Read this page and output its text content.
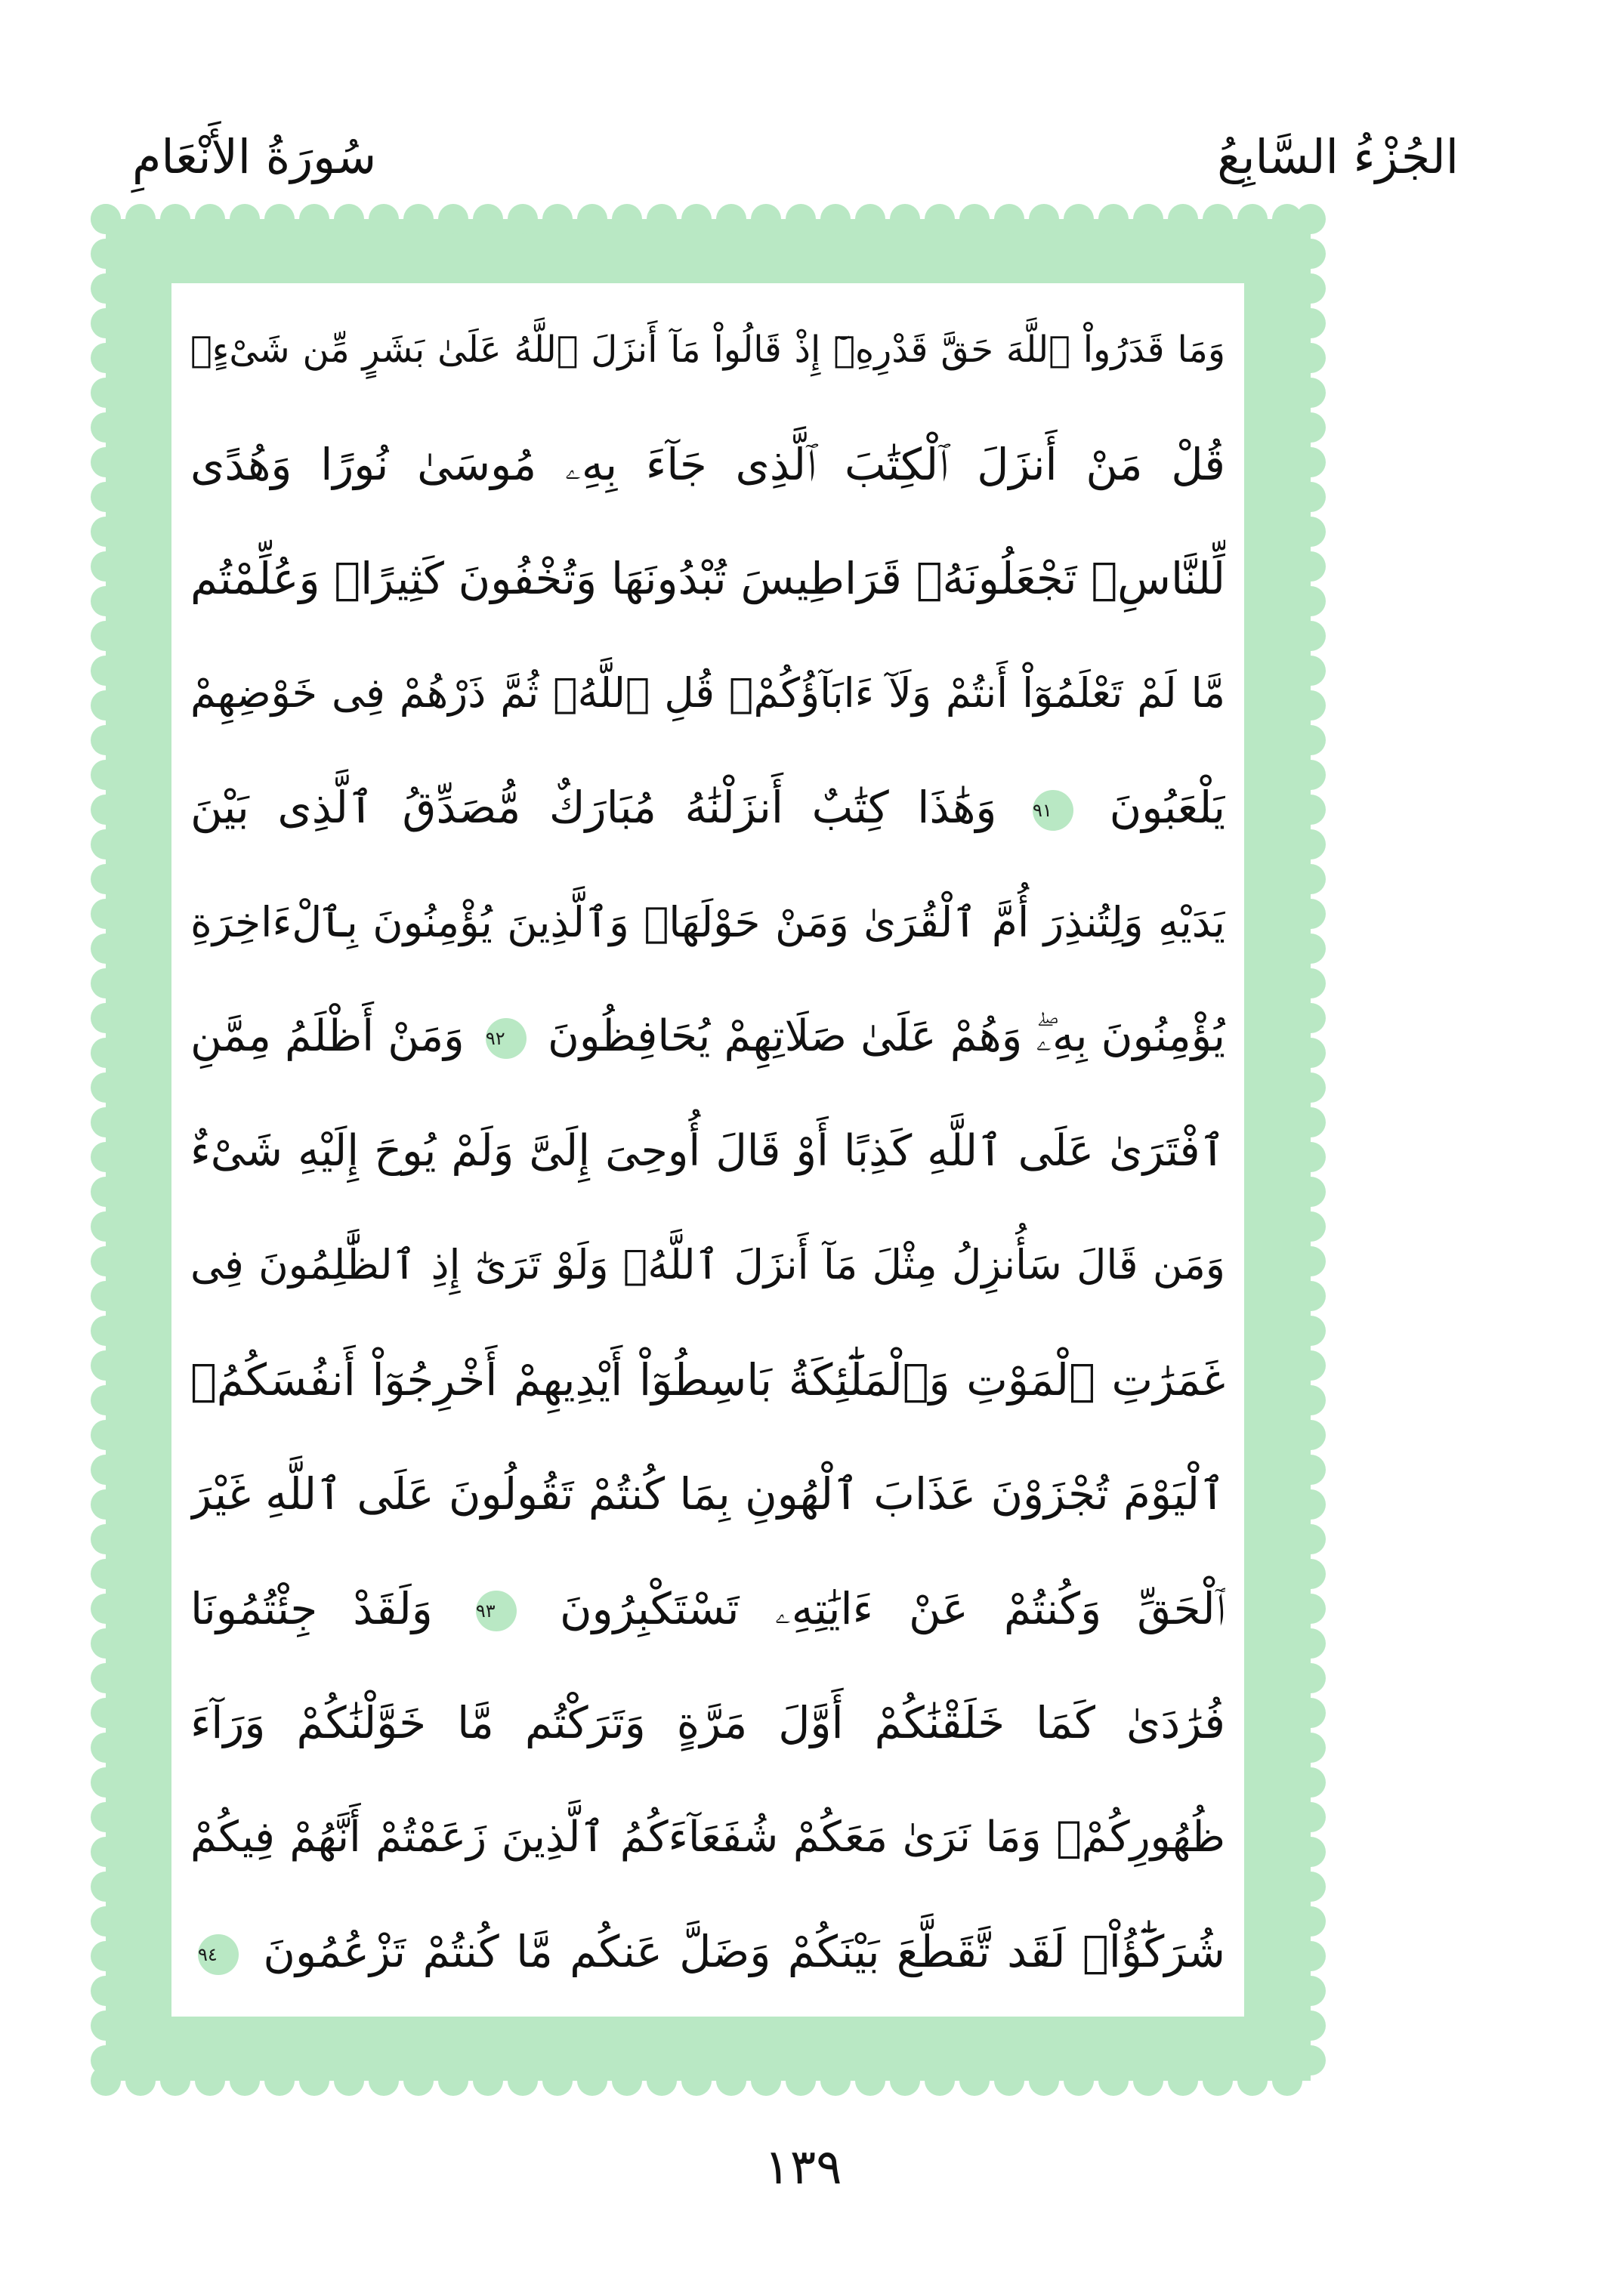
الجُزْءُ السَّابِعُ
سُورَةُ الأَنْعَامِ
وَمَا قَدَرُواْ ٱللَّهَ حَقَّ قَدْرِهِۦٓ إِذْ قَالُواْ مَآ أَنزَلَ ٱللَّهُ عَلَىٰ بَشَرٍ مِّن شَىْءٍۗ
قُلْ مَنْ أَنزَلَ ٱلْكِتَٰبَ ٱلَّذِى جَآءَ بِهِۦ مُوسَىٰ نُورًا وَهُدًى
لِّلنَّاسِۖ تَجْعَلُونَهُۥ قَرَاطِيسَ تُبْدُونَهَا وَتُخْفُونَ كَثِيرًاۖ وَعُلِّمْتُم
مَّا لَمْ تَعْلَمُوٓاْ أَنتُمْ وَلَآ ءَابَآؤُكُمْۖ قُلِ ٱللَّهُۖ ثُمَّ ذَرْهُمْ فِى خَوْضِهِمْ
يَلْعَبُونَ
٩١
وَهَٰذَا كِتَٰبٌ أَنزَلْنَٰهُ مُبَارَكٌ مُّصَدِّقُ ٱلَّذِى بَيْنَ
يَدَيْهِ وَلِتُنذِرَ أُمَّ ٱلْقُرَىٰ وَمَنْ حَوْلَهَاۚ وَٱلَّذِينَ يُؤْمِنُونَ بِٱلْءَاخِرَةِ
يُؤْمِنُونَ بِهِۦۖ وَهُمْ عَلَىٰ صَلَاتِهِمْ يُحَافِظُونَ
٩٢
وَمَنْ أَظْلَمُ مِمَّنِ
ٱفْتَرَىٰ عَلَى ٱللَّهِ كَذِبًا أَوْ قَالَ أُوحِىَ إِلَىَّ وَلَمْ يُوحَ إِلَيْهِ شَىْءٌ
وَمَن قَالَ سَأُنزِلُ مِثْلَ مَآ أَنزَلَ ٱللَّهُۗ وَلَوْ تَرَىٰٓ إِذِ ٱلظَّٰلِمُونَ فِى
غَمَرَٰتِ ٱلْمَوْتِ وَٱلْمَلَٰٓئِكَةُ بَاسِطُوٓاْ أَيْدِيهِمْ أَخْرِجُوٓاْ أَنفُسَكُمُۖ
ٱلْيَوْمَ تُجْزَوْنَ عَذَابَ ٱلْهُونِ بِمَا كُنتُمْ تَقُولُونَ عَلَى ٱللَّهِ غَيْرَ
ٱلْحَقِّ وَكُنتُمْ عَنْ ءَايَٰتِهِۦ تَسْتَكْبِرُونَ
٩٣
وَلَقَدْ جِئْتُمُونَا
فُرَٰدَىٰ كَمَا خَلَقْنَٰكُمْ أَوَّلَ مَرَّةٍ وَتَرَكْتُم مَّا خَوَّلْنَٰكُمْ وَرَآءَ
ظُهُورِكُمْۖ وَمَا نَرَىٰ مَعَكُمْ شُفَعَآءَكُمُ ٱلَّذِينَ زَعَمْتُمْ أَنَّهُمْ فِيكُمْ
شُرَكَٰٓؤُاْۚ لَقَد تَّقَطَّعَ بَيْنَكُمْ وَضَلَّ عَنكُم مَّا كُنتُمْ تَزْعُمُونَ
٩٤
١٣٩
